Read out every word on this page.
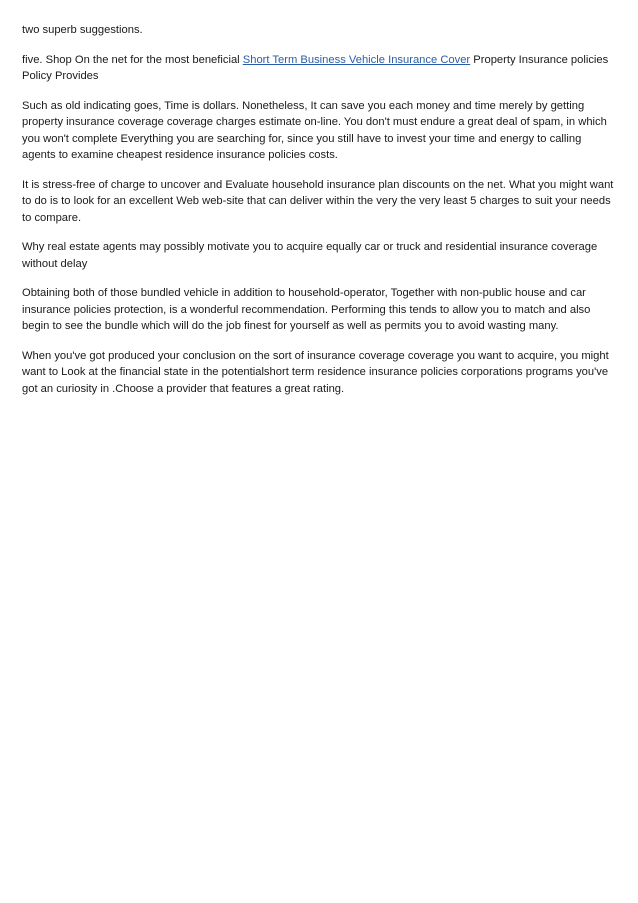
two superb suggestions.

five. Shop On the net for the most beneficial Short Term Business Vehicle Insurance Cover Property Insurance policies Policy Provides

Such as old indicating goes, Time is dollars. Nonetheless, It can save you each money and time merely by getting property insurance coverage coverage charges estimate on-line. You don't must endure a great deal of spam, in which you won't complete Everything you are searching for, since you still have to invest your time and energy to calling agents to examine cheapest residence insurance policies costs.

It is stress-free of charge to uncover and Evaluate household insurance plan discounts on the net. What you might want to do is to look for an excellent Web web-site that can deliver within the very the very least 5 charges to suit your needs to compare.

Why real estate agents may possibly motivate you to acquire equally car or truck and residential insurance coverage without delay

Obtaining both of those bundled vehicle in addition to household-operator, Together with non-public house and car insurance policies protection, is a wonderful recommendation. Performing this tends to allow you to match and also begin to see the bundle which will do the job finest for yourself as well as permits you to avoid wasting many.

When you've got produced your conclusion on the sort of insurance coverage coverage you want to acquire, you might want to Look at the financial state in the potentialshort term residence insurance policies corporations programs you've got an curiosity in .Choose a provider that features a great rating.
